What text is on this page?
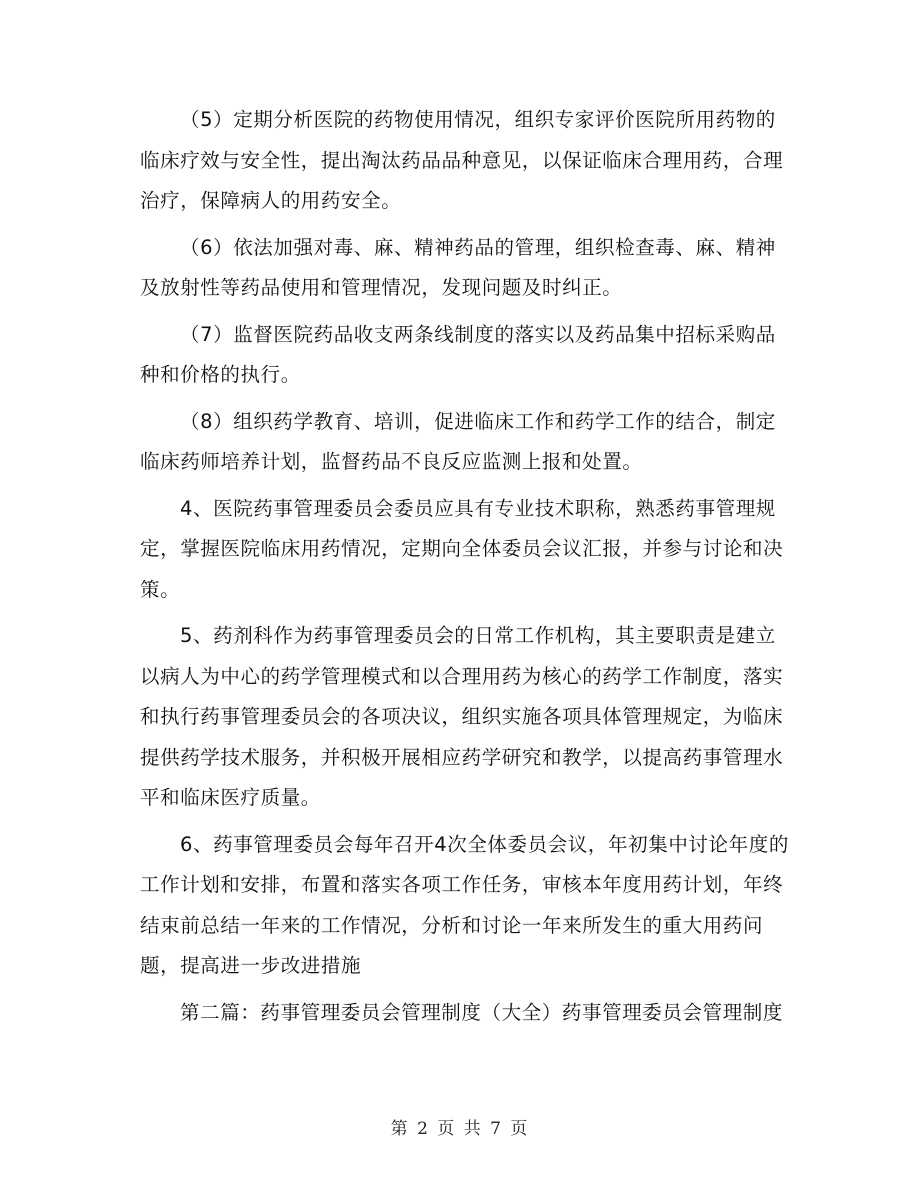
（5）定期分析医院的药物使用情况，组织专家评价医院所用药物的临床疗效与安全性，提出淘汰药品品种意见，以保证临床合理用药，合理治疗，保障病人的用药安全。

（6）依法加强对毒、麻、精神药品的管理，组织检查毒、麻、精神及放射性等药品使用和管理情况，发现问题及时纠正。

（7）监督医院药品收支两条线制度的落实以及药品集中招标采购品种和价格的执行。

（8）组织药学教育、培训，促进临床工作和药学工作的结合，制定临床药师培养计划，监督药品不良反应监测上报和处置。

4、医院药事管理委员会委员应具有专业技术职称，熟悉药事管理规定，掌握医院临床用药情况，定期向全体委员会议汇报，并参与讨论和决策。

5、药剂科作为药事管理委员会的日常工作机构，其主要职责是建立以病人为中心的药学管理模式和以合理用药为核心的药学工作制度，落实和执行药事管理委员会的各项决议，组织实施各项具体管理规定，为临床提供药学技术服务，并积极开展相应药学研究和教学，以提高药事管理水平和临床医疗质量。

6、药事管理委员会每年召开4次全体委员会议，年初集中讨论年度的工作计划和安排，布置和落实各项工作任务，审核本年度用药计划，年终结束前总结一年来的工作情况，分析和讨论一年来所发生的重大用药问题，提高进一步改进措施

第二篇：药事管理委员会管理制度（大全）药事管理委员会管理制度

第 2 页 共 7 页
